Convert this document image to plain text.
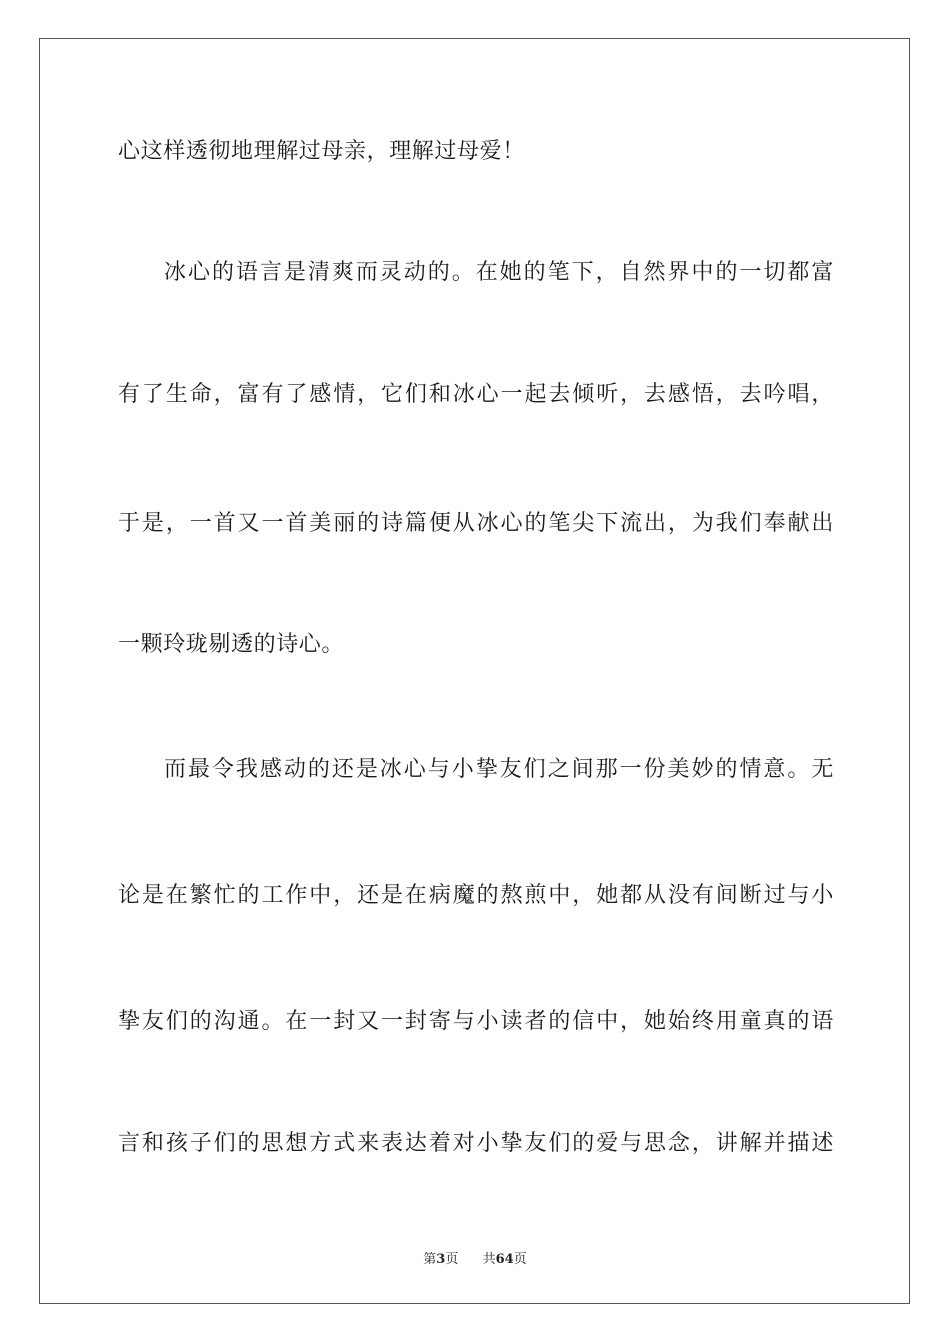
心这样透彻地理解过母亲，理解过母爱！

冰心的语言是清爽而灵动的。在她的笔下，自然界中的一切都富

有了生命，富有了感情，它们和冰心一起去倾听，去感悟，去吟唱，

于是，一首又一首美丽的诗篇便从冰心的笔尖下流出，为我们奉献出

一颗玲珑剔透的诗心。

而最令我感动的还是冰心与小挚友们之间那一份美妙的情意。无

论是在繁忙的工作中，还是在病魔的熬煎中，她都从没有间断过与小

挚友们的沟通。在一封又一封寄与小读者的信中，她始终用童真的语

言和孩子们的思想方式来表达着对小挚友们的爱与思念，讲解并描述

第3页 共64页
